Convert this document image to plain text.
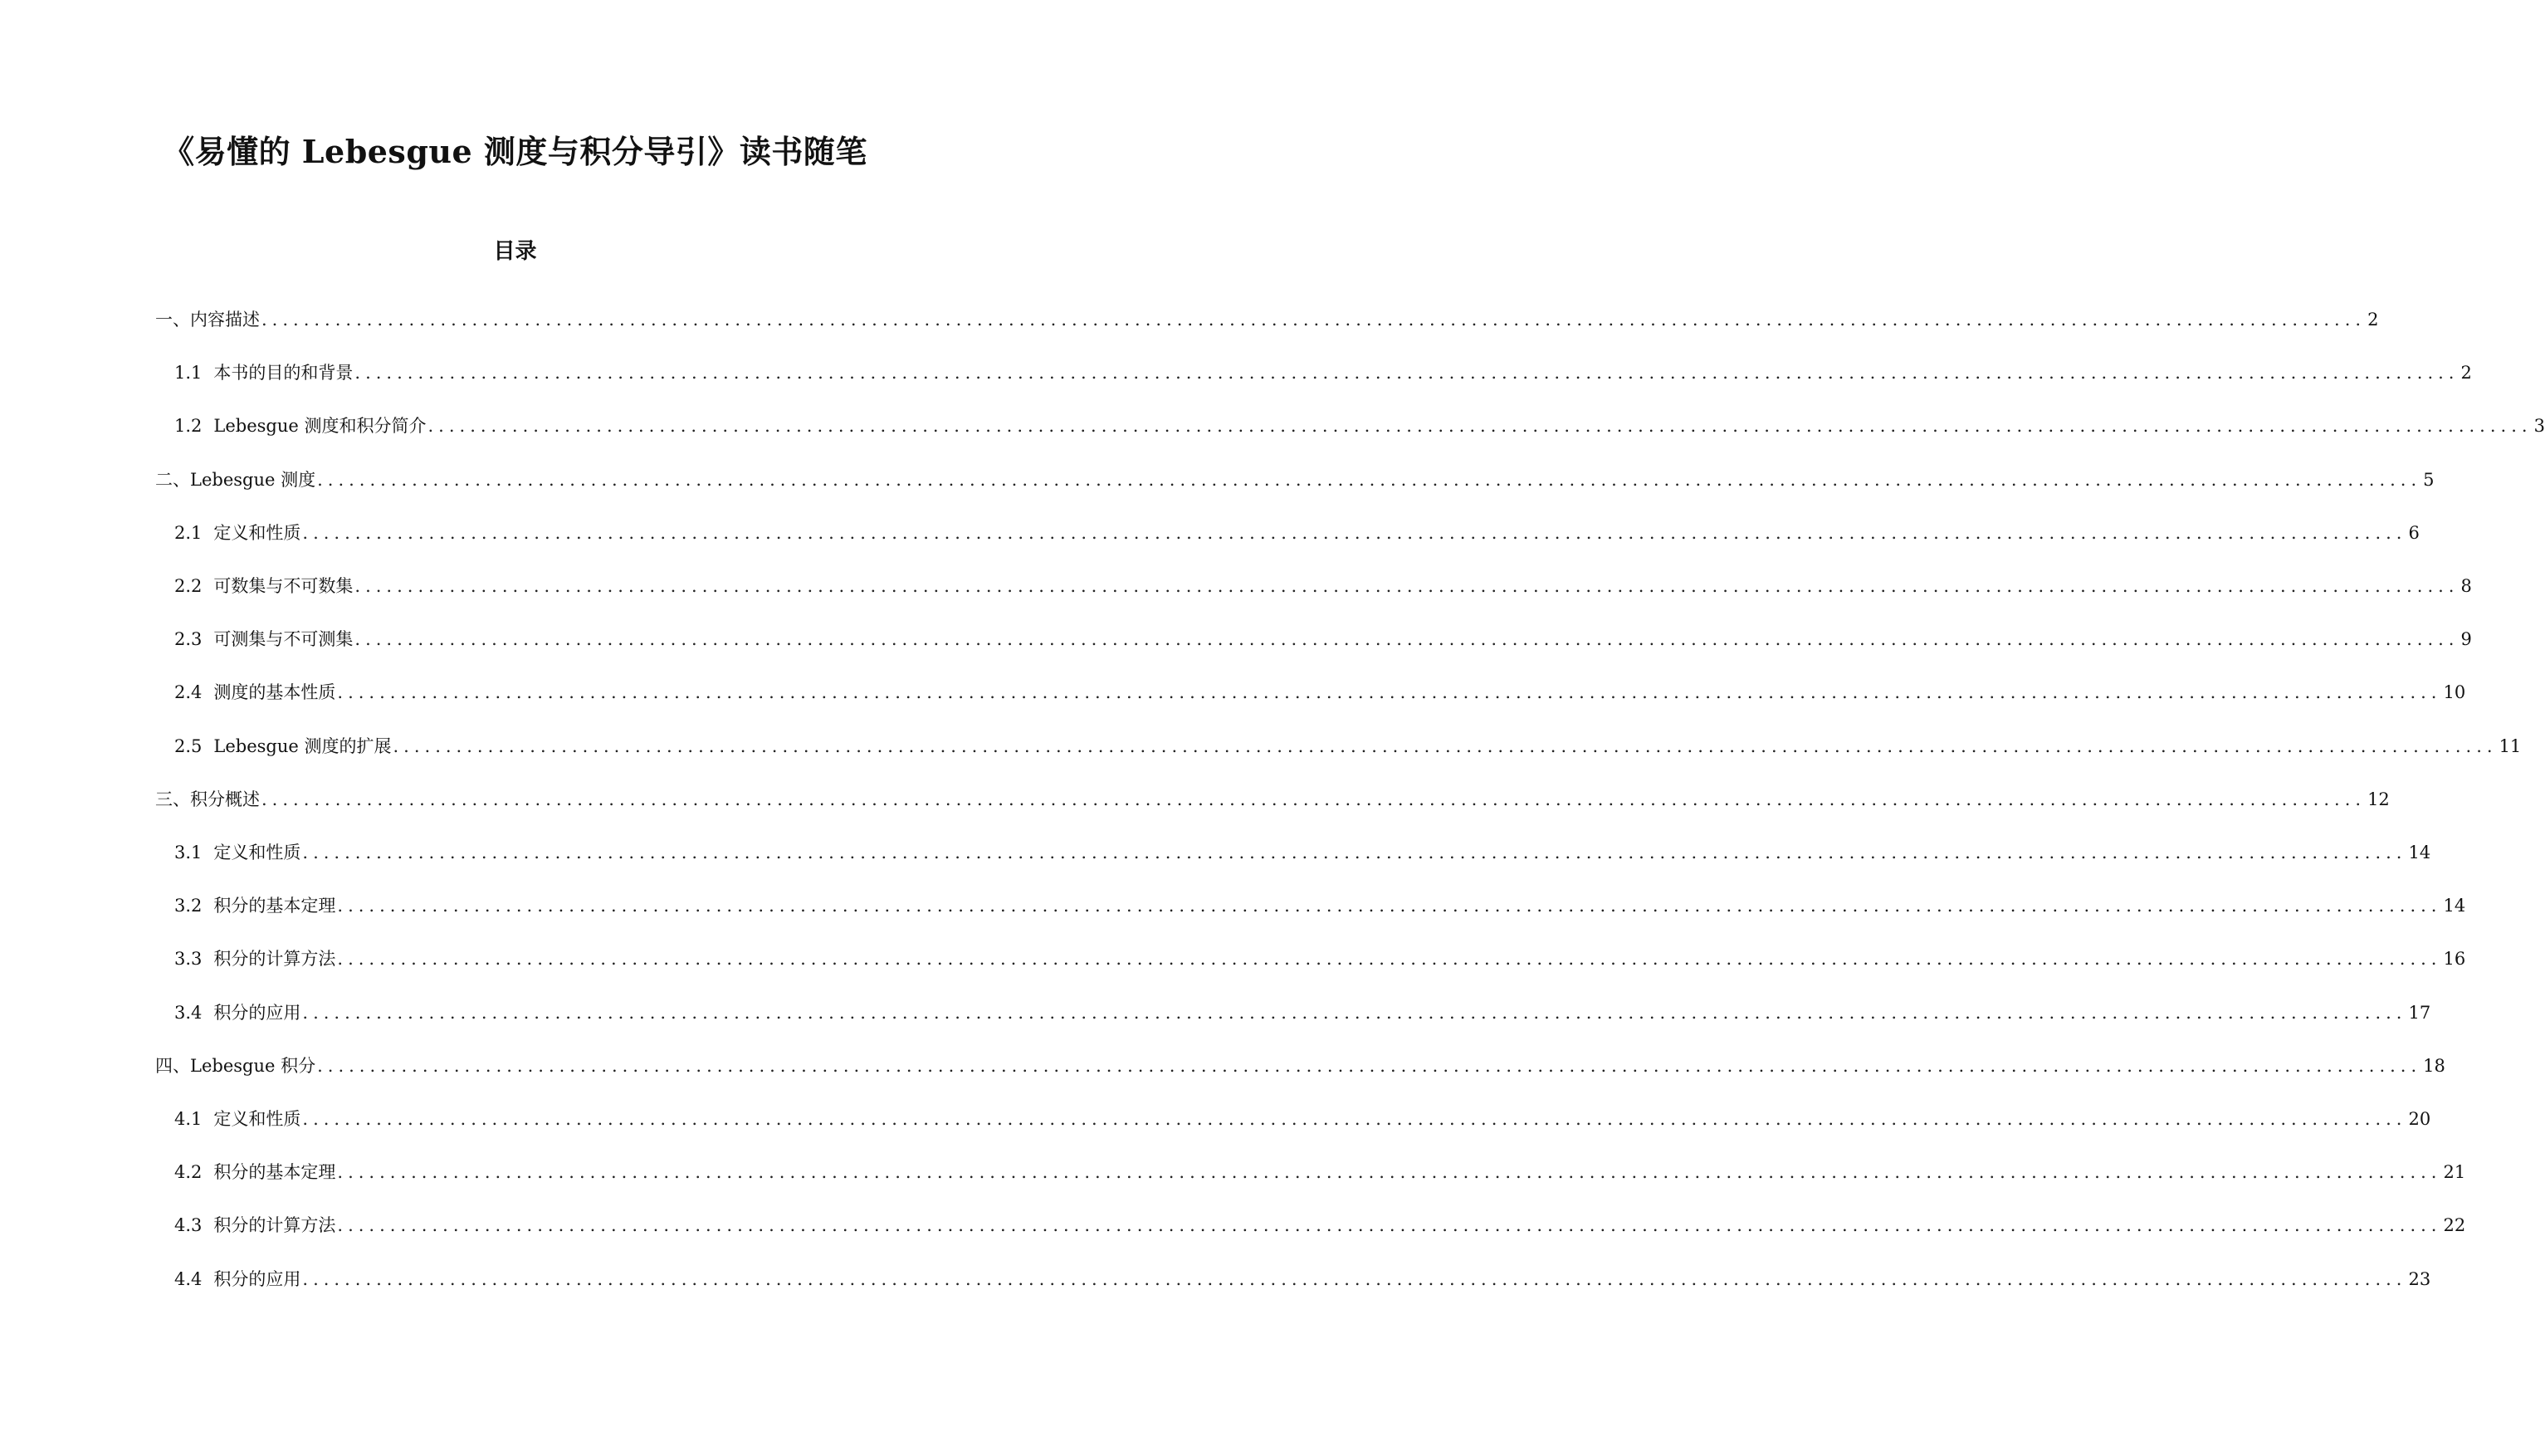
《易懂的 Lebesgue 测度与积分导引》读书随笔
目录
一、内容描述 ........................................................................................................................................................................................................ 2
1.1 本书的目的和背景 ........................................................................................................................................................................................................ 2
1.2 Lebesgue 测度和积分简介 ........................................................................................................................................................................................................ 3
二、Lebesgue 测度 ........................................................................................................................................................................................................ 5
2.1 定义和性质 ........................................................................................................................................................................................................ 6
2.2 可数集与不可数集 ........................................................................................................................................................................................................ 8
2.3 可测集与不可测集 ........................................................................................................................................................................................................ 9
2.4 测度的基本性质 ........................................................................................................................................................................................................ 10
2.5 Lebesgue 测度的扩展 ........................................................................................................................................................................................................ 11
三、积分概述 ........................................................................................................................................................................................................ 12
3.1 定义和性质 ........................................................................................................................................................................................................ 14
3.2 积分的基本定理 ........................................................................................................................................................................................................ 14
3.3 积分的计算方法 ........................................................................................................................................................................................................ 16
3.4 积分的应用 ........................................................................................................................................................................................................ 17
四、Lebesgue 积分 ........................................................................................................................................................................................................ 18
4.1 定义和性质 ........................................................................................................................................................................................................ 20
4.2 积分的基本定理 ........................................................................................................................................................................................................ 21
4.3 积分的计算方法 ........................................................................................................................................................................................................ 22
4.4 积分的应用 ........................................................................................................................................................................................................ 23
